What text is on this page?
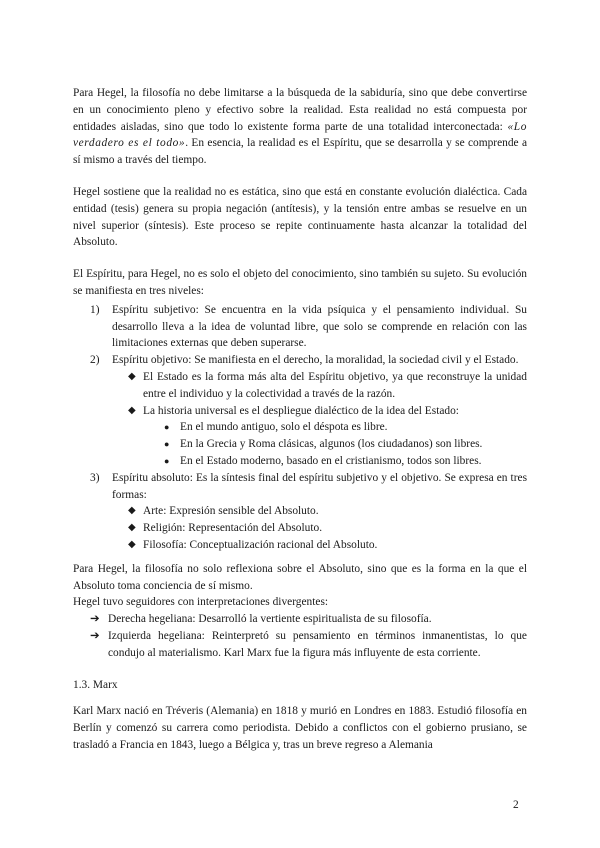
Para Hegel, la filosofía no debe limitarse a la búsqueda de la sabiduría, sino que debe convertirse en un conocimiento pleno y efectivo sobre la realidad. Esta realidad no está compuesta por entidades aisladas, sino que todo lo existente forma parte de una totalidad interconectada: «Lo verdadero es el todo». En esencia, la realidad es el Espíritu, que se desarrolla y se comprende a sí mismo a través del tiempo.

Hegel sostiene que la realidad no es estática, sino que está en constante evolución dialéctica. Cada entidad (tesis) genera su propia negación (antítesis), y la tensión entre ambas se resuelve en un nivel superior (síntesis). Este proceso se repite continuamente hasta alcanzar la totalidad del Absoluto.

El Espíritu, para Hegel, no es solo el objeto del conocimiento, sino también su sujeto. Su evolución se manifiesta en tres niveles:

1) Espíritu subjetivo: Se encuentra en la vida psíquica y el pensamiento individual. Su desarrollo lleva a la idea de voluntad libre, que solo se comprende en relación con las limitaciones externas que deben superarse.
2) Espíritu objetivo: Se manifiesta en el derecho, la moralidad, la sociedad civil y el Estado.
◆ El Estado es la forma más alta del Espíritu objetivo, ya que reconstruye la unidad entre el individuo y la colectividad a través de la razón.
◆ La historia universal es el despliegue dialéctico de la idea del Estado:
● En el mundo antiguo, solo el déspota es libre.
● En la Grecia y Roma clásicas, algunos (los ciudadanos) son libres.
● En el Estado moderno, basado en el cristianismo, todos son libres.
3) Espíritu absoluto: Es la síntesis final del espíritu subjetivo y el objetivo. Se expresa en tres formas:
◆ Arte: Expresión sensible del Absoluto.
◆ Religión: Representación del Absoluto.
◆ Filosofía: Conceptualización racional del Absoluto.

Para Hegel, la filosofía no solo reflexiona sobre el Absoluto, sino que es la forma en la que el Absoluto toma conciencia de sí mismo.

Hegel tuvo seguidores con interpretaciones divergentes:

➔ Derecha hegeliana: Desarrolló la vertiente espiritualista de su filosofía.
➔ Izquierda hegeliana: Reinterpretó su pensamiento en términos inmanentistas, lo que condujo al materialismo. Karl Marx fue la figura más influyente de esta corriente.

1.3. Marx

Karl Marx nació en Tréveris (Alemania) en 1818 y murió en Londres en 1883. Estudió filosofía en Berlín y comenzó su carrera como periodista. Debido a conflictos con el gobierno prusiano, se trasladó a Francia en 1843, luego a Bélgica y, tras un breve regreso a Alemania

2
